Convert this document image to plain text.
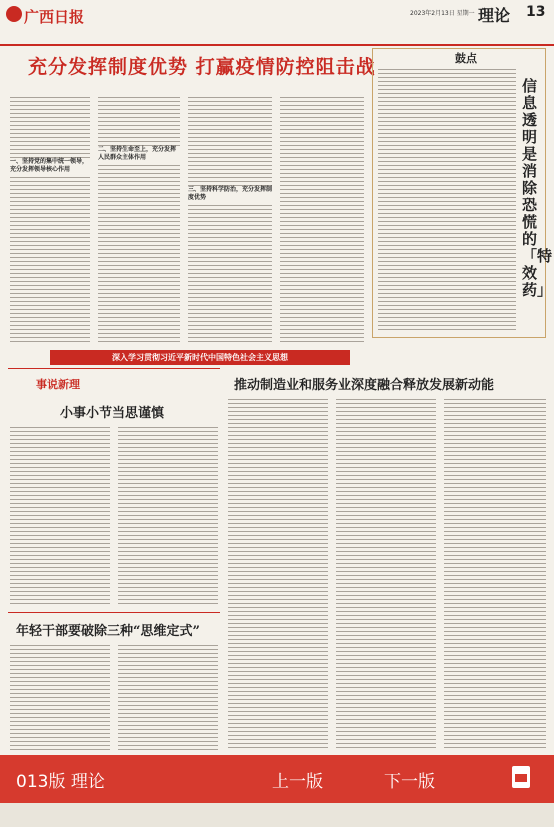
广西日报	2023年2月13日 星期一 理论 13
充分发挥制度优势 打赢疫情防控阻击战
一、坚持党的集中统一领导，充分发挥领导核心作用
二、坚持生命至上，充分发挥人民群众主体作用
三、坚持科学防治，充分发挥制度优势
深入学习贯彻习近平新时代中国特色社会主义思想
鼓点
信息透明是消除恐慌的「特效药」
事说新理
小事小节当思谨慎
年轻干部要破除三种“思维定式”
推动制造业和服务业深度融合释放发展新动能
013版 理论	上一版	下一版
